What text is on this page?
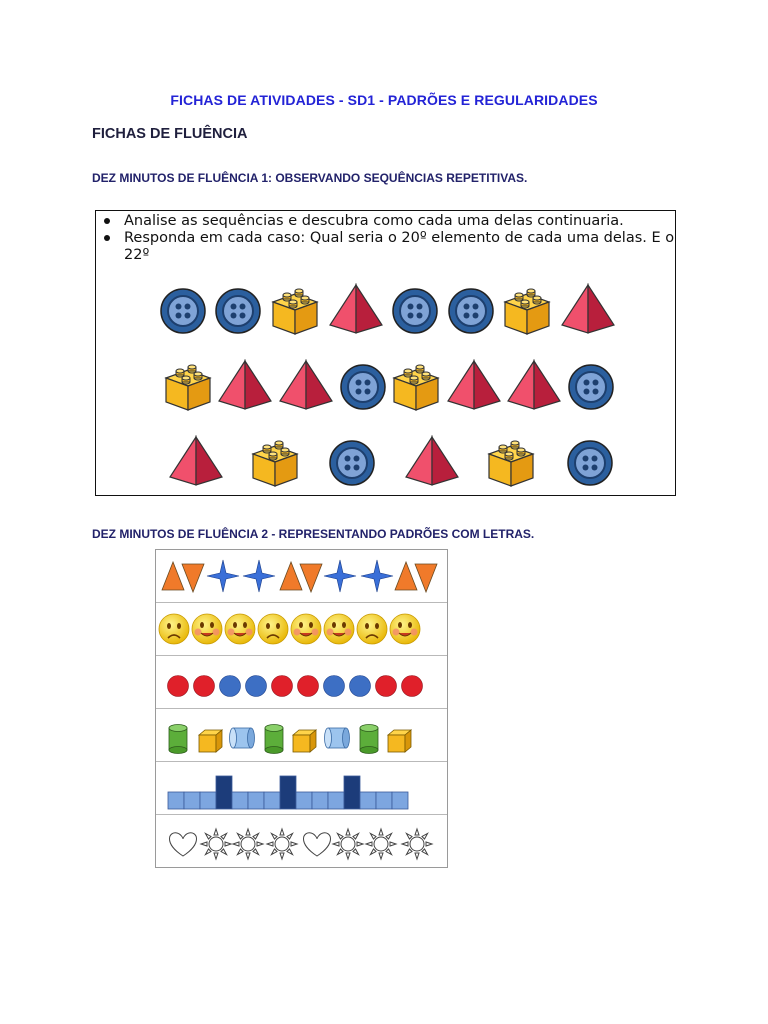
FICHAS DE ATIVIDADES - SD1 - PADRÕES E REGULARIDADES
FICHAS DE FLUÊNCIA
DEZ MINUTOS DE FLUÊNCIA 1: OBSERVANDO SEQUÊNCIAS REPETITIVAS.
Analise as sequências e descubra como cada uma delas continuaria.
Responda em cada caso: Qual seria o 20º elemento de cada uma delas. E o 22º
DEZ MINUTOS DE FLUÊNCIA 2 - REPRESENTANDO PADRÕES COM LETRAS.
